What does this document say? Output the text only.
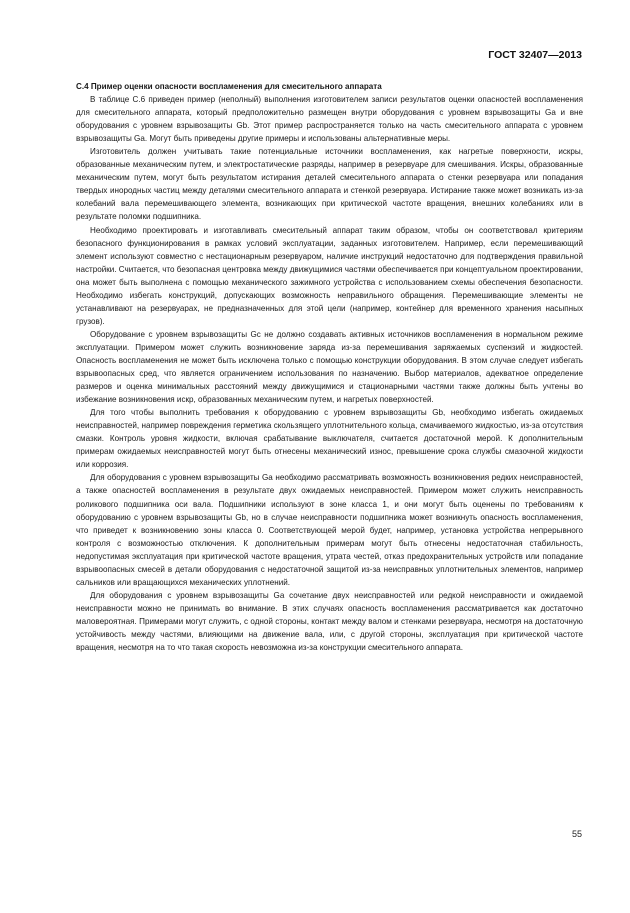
ГОСТ 32407—2013

С.4 Пример оценки опасности воспламенения для смесительного аппарата

В таблице С.6 приведен пример (неполный) выполнения изготовителем записи результатов оценки опасностей воспламенения для смесительного аппарата, который предположительно размещен внутри оборудования с уровнем взрывозащиты Ga и вне оборудования с уровнем взрывозащиты Gb. Этот пример распространяется только на часть смесительного аппарата с уровнем взрывозащиты Ga. Могут быть приведены другие примеры и использованы альтернативные меры.

Изготовитель должен учитывать такие потенциальные источники воспламенения, как нагретые поверхности, искры, образованные механическим путем, и электростатические разряды, например в резервуаре для смешивания. Искры, образованные механическим путем, могут быть результатом истирания деталей смесительного аппарата о стенки резервуара или попадания твердых инородных частиц между деталями смесительного аппарата и стенкой резервуара. Истирание также может возникать из-за колебаний вала перемешивающего элемента, возникающих при критической частоте вращения, внешних колебаниях или в результате поломки подшипника.

Необходимо проектировать и изготавливать смесительный аппарат таким образом, чтобы он соответствовал критериям безопасного функционирования в рамках условий эксплуатации, заданных изготовителем. Например, если перемешивающий элемент используют совместно с нестационарным резервуаром, наличие инструкций недостаточно для подтверждения правильной настройки. Считается, что безопасная центровка между движущимися частями обеспечивается при концептуальном проектировании, она может быть выполнена с помощью механического зажимного устройства с использованием схемы обеспечения безопасности. Необходимо избегать конструкций, допускающих возможность неправильного обращения. Перемешивающие элементы не устанавливают на резервуарах, не предназначенных для этой цели (например, контейнер для временного хранения насыпных грузов).

Оборудование с уровнем взрывозащиты Gc не должно создавать активных источников воспламенения в нормальном режиме эксплуатации. Примером может служить возникновение заряда из-за перемешивания заряжаемых суспензий и жидкостей. Опасность воспламенения не может быть исключена только с помощью конструкции оборудования. В этом случае следует избегать взрывоопасных сред, что является ограничением использования по назначению. Выбор материалов, адекватное определение размеров и оценка минимальных расстояний между движущимися и стационарными частями также должны быть учтены во избежание возникновения искр, образованных механическим путем, и нагретых поверхностей.

Для того чтобы выполнить требования к оборудованию с уровнем взрывозащиты Gb, необходимо избегать ожидаемых неисправностей, например повреждения герметика скользящего уплотнительного кольца, смачиваемого жидкостью, из-за отсутствия смазки. Контроль уровня жидкости, включая срабатывание выключателя, считается достаточной мерой. К дополнительным примерам ожидаемых неисправностей могут быть отнесены механический износ, превышение срока службы смазочной жидкости или коррозия.

Для оборудования с уровнем взрывозащиты Ga необходимо рассматривать возможность возникновения редких неисправностей, а также опасностей воспламенения в результате двух ожидаемых неисправностей. Примером может служить неисправность роликового подшипника оси вала. Подшипники используют в зоне класса 1, и они могут быть оценены по требованиям к оборудованию с уровнем взрывозащиты Gb, но в случае неисправности подшипника может возникнуть опасность воспламенения, что приведет к возникновению зоны класса 0. Соответствующей мерой будет, например, установка устройства непрерывного контроля с возможностью отключения. К дополнительным примерам могут быть отнесены недостаточная стабильность, недопустимая эксплуатация при критической частоте вращения, утрата честей, отказ предохранительных устройств или попадание взрывоопасных смесей в детали оборудования с недостаточной защитой из-за неисправных уплотнительных элементов, например сальников или вращающихся механических уплотнений.

Для оборудования с уровнем взрывозащиты Ga сочетание двух неисправностей или редкой неисправности и ожидаемой неисправности можно не принимать во внимание. В этих случаях опасность воспламенения рассматривается как достаточно маловероятная. Примерами могут служить, с одной стороны, контакт между валом и стенками резервуара, несмотря на достаточную устойчивость между частями, влияющими на движение вала, или, с другой стороны, эксплуатация при критической частоте вращения, несмотря на то что такая скорость невозможна из-за конструкции смесительного аппарата.

55
